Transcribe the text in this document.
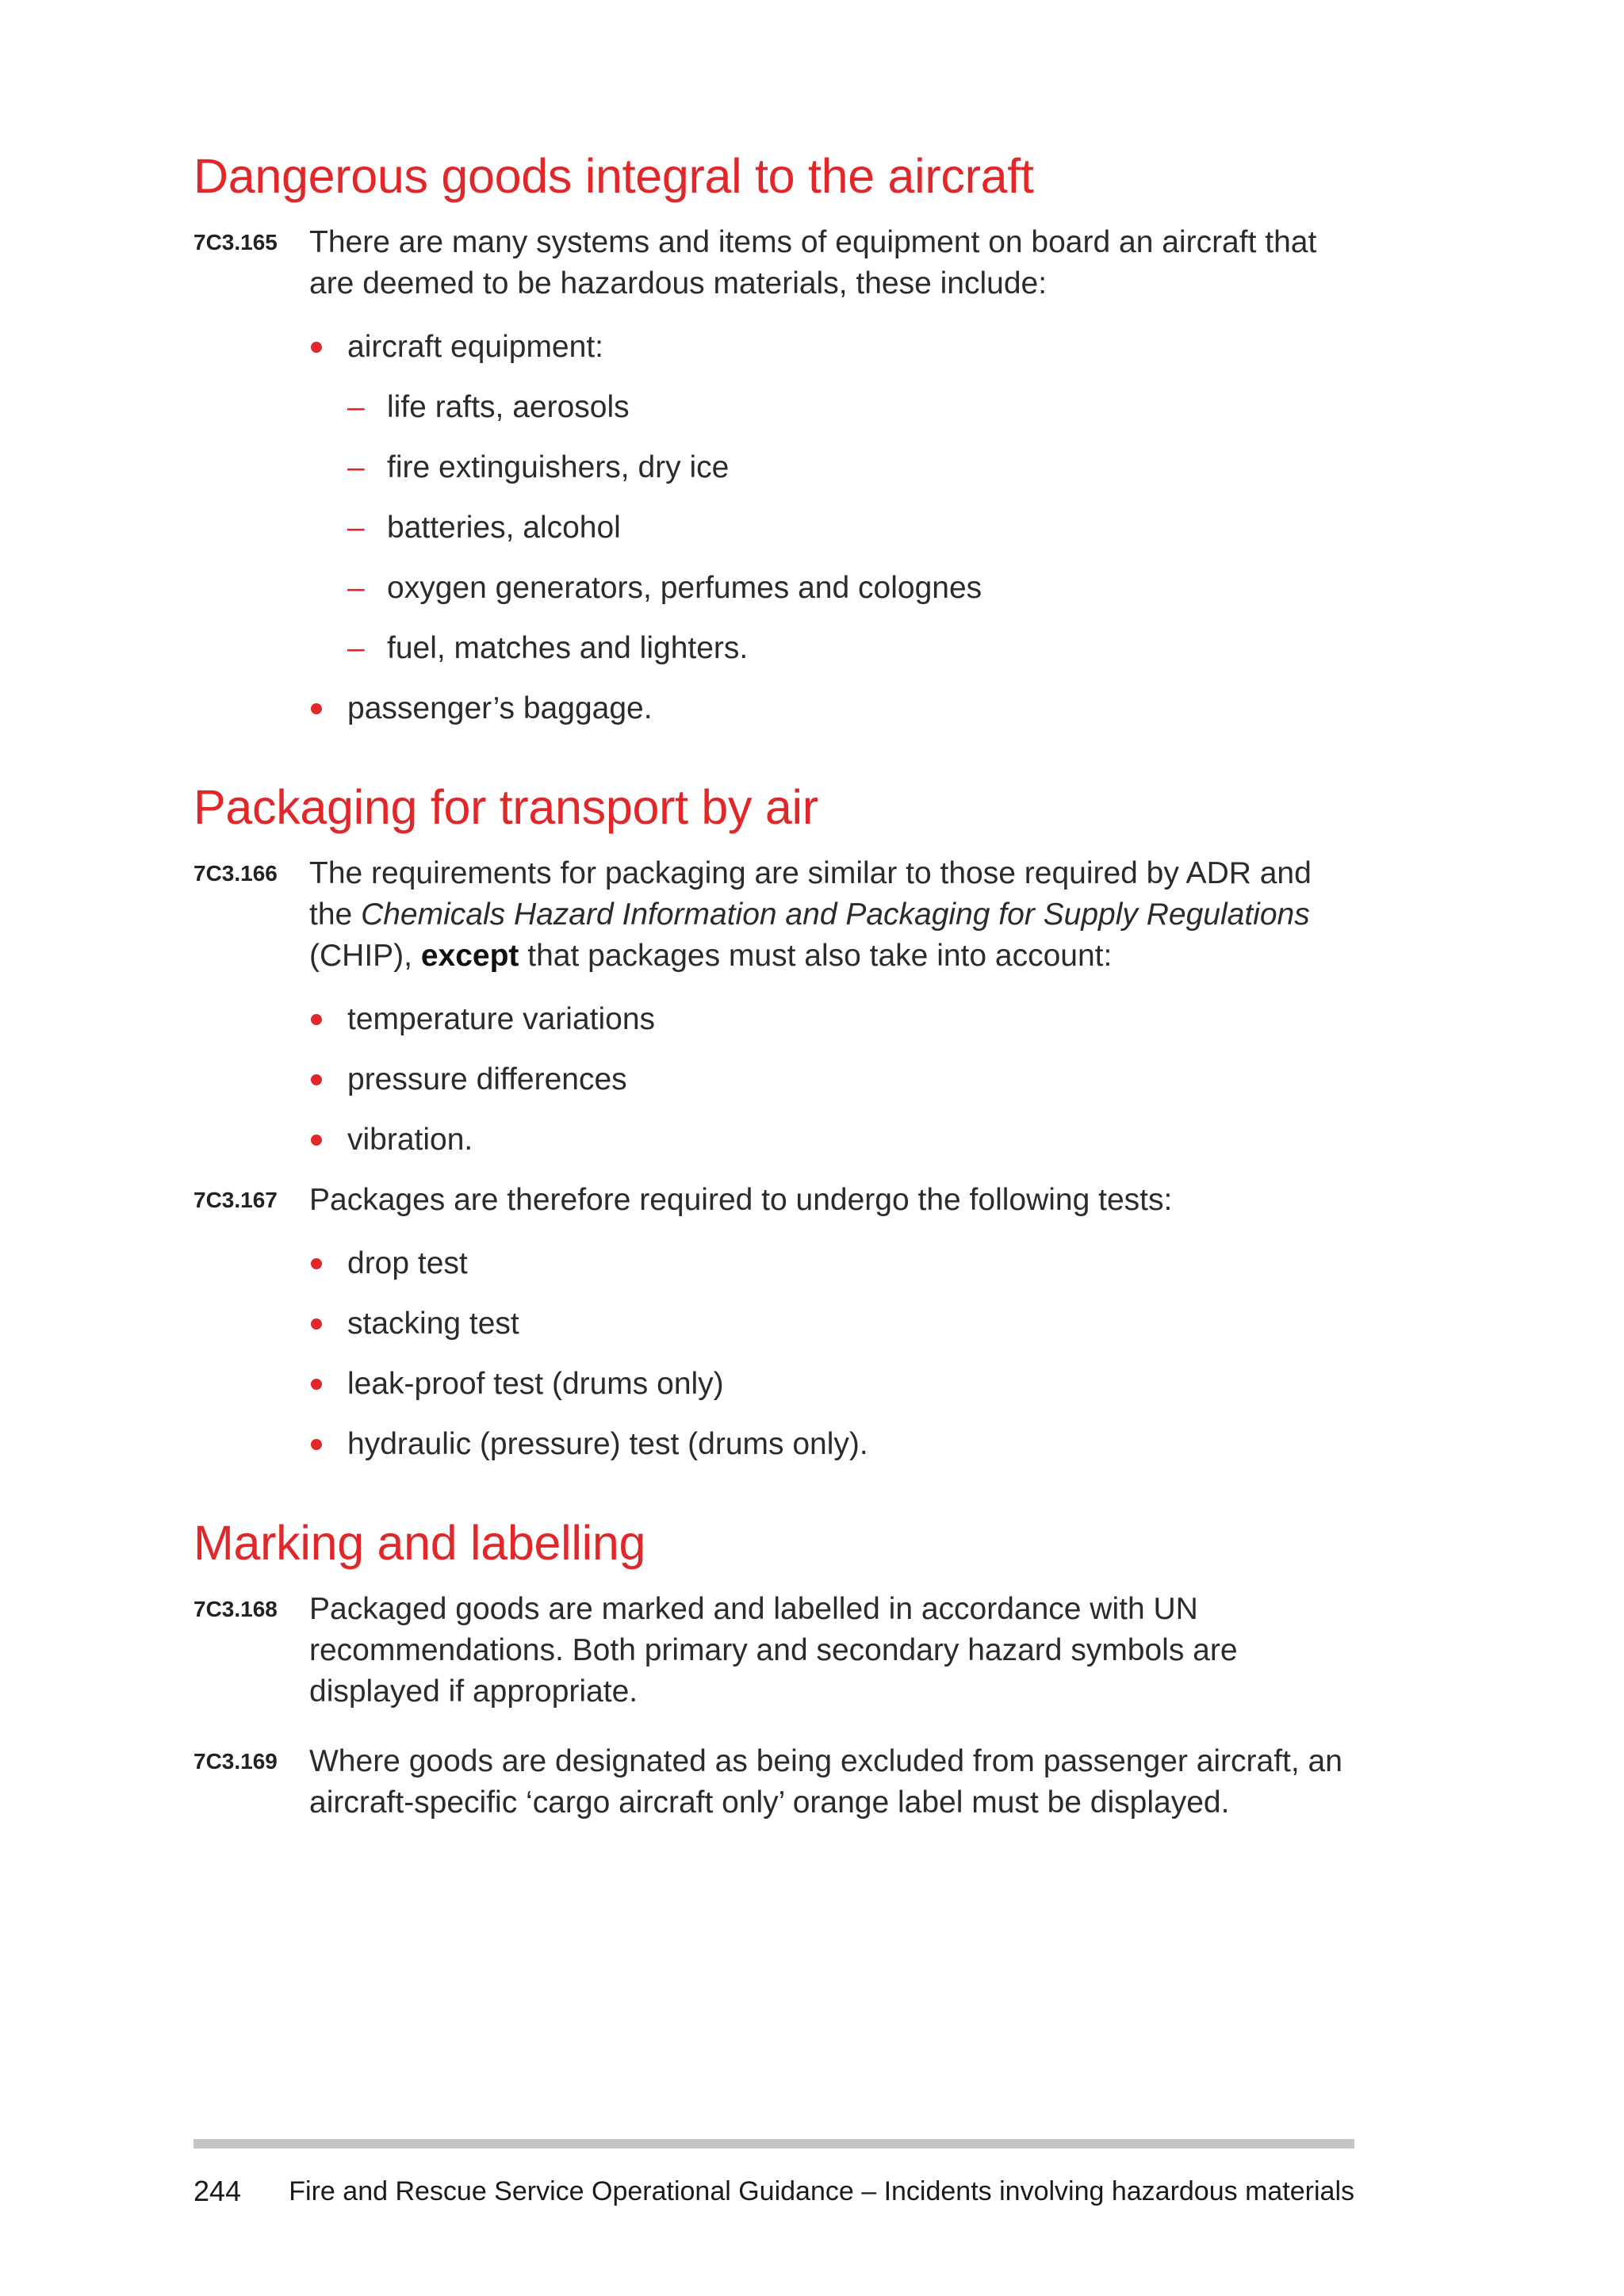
Dangerous goods integral to the aircraft
7C3.165 There are many systems and items of equipment on board an aircraft that are deemed to be hazardous materials, these include:
aircraft equipment:
– life rafts, aerosols
– fire extinguishers, dry ice
– batteries, alcohol
– oxygen generators, perfumes and colognes
– fuel, matches and lighters.
passenger’s baggage.
Packaging for transport by air
7C3.166 The requirements for packaging are similar to those required by ADR and the Chemicals Hazard Information and Packaging for Supply Regulations (CHIP), except that packages must also take into account:
temperature variations
pressure differences
vibration.
7C3.167 Packages are therefore required to undergo the following tests:
drop test
stacking test
leak-proof test (drums only)
hydraulic (pressure) test (drums only).
Marking and labelling
7C3.168 Packaged goods are marked and labelled in accordance with UN recommendations. Both primary and secondary hazard symbols are displayed if appropriate.
7C3.169 Where goods are designated as being excluded from passenger aircraft, an aircraft-specific ‘cargo aircraft only’ orange label must be displayed.
244 Fire and Rescue Service Operational Guidance – Incidents involving hazardous materials
